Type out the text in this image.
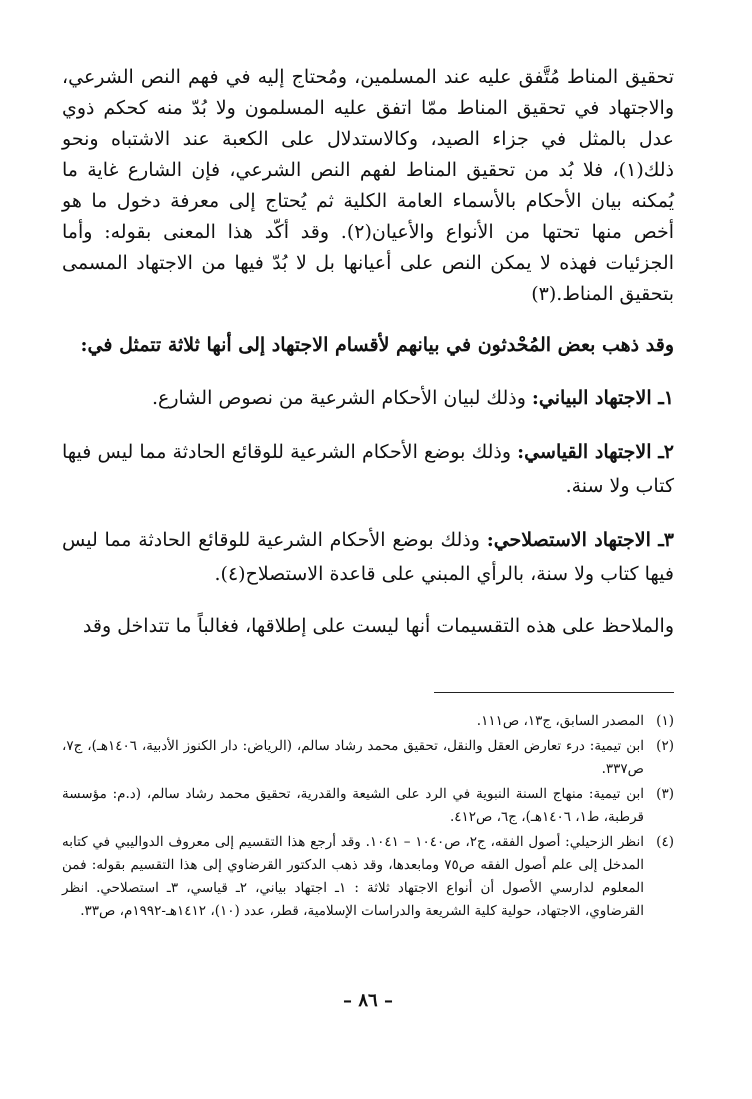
تحقيق المناط مُتَّفق عليه عند المسلمين، ومُحتاج إليه في فهم النص الشرعي، والاجتهاد في تحقيق المناط ممّا اتفق عليه المسلمون ولا بُدّ منه كحكم ذوي عدل بالمثل في جزاء الصيد، وكالاستدلال على الكعبة عند الاشتباه ونحو ذلك(١)، فلا بُد من تحقيق المناط لفهم النص الشرعي، فإن الشارع غاية ما يُمكنه بيان الأحكام بالأسماء العامة الكلية ثم يُحتاج إلى معرفة دخول ما هو أخص منها تحتها من الأنواع والأعيان(٢). وقد أكّد هذا المعنى بقوله: وأما الجزئيات فهذه لا يمكن النص على أعيانها بل لا بُدّ فيها من الاجتهاد المسمى بتحقيق المناط.(٣)

وقد ذهب بعض المُحْدثون في بيانهم لأقسام الاجتهاد إلى أنها ثلاثة تتمثل في:

١ـ الاجتهاد البياني: وذلك لبيان الأحكام الشرعية من نصوص الشارع.

٢ـ الاجتهاد القياسي: وذلك بوضع الأحكام الشرعية للوقائع الحادثة مما ليس فيها كتاب ولا سنة.

٣ـ الاجتهاد الاستصلاحي: وذلك بوضع الأحكام الشرعية للوقائع الحادثة مما ليس فيها كتاب ولا سنة، بالرأي المبني على قاعدة الاستصلاح(٤).

والملاحظ على هذه التقسيمات أنها ليست على إطلاقها، فغالباً ما تتداخل وقد

(١)
المصدر السابق، ج١٣، ص١١١.
(٢)
ابن تيمية: درء تعارض العقل والنقل، تحقيق محمد رشاد سالم، (الرياض: دار الكنوز الأدبية، ١٤٠٦هـ)، ج٧، ص٣٣٧.
(٣)
ابن تيمية: منهاج السنة النبوية في الرد على الشيعة والقدرية، تحقيق محمد رشاد سالم، (د.م: مؤسسة قرطبة، ط١، ١٤٠٦هـ)، ج٦، ص٤١٢.
(٤)
انظر الزحيلي: أصول الفقه، ج٢، ص١٠٤٠ – ١٠٤١. وقد أرجع هذا التقسيم إلى معروف الدواليبي في كتابه المدخل إلى علم أصول الفقه ص٧٥ ومابعدها، وقد ذهب الدكتور القرضاوي إلى هذا التقسيم بقوله: فمن المعلوم لدارسي الأصول أن أنواع الاجتهاد ثلاثة : ١ـ اجتهاد بياني، ٢ـ قياسي، ٣ـ استصلاحي. انظر القرضاوي، الاجتهاد، حولية كلية الشريعة والدراسات الإسلامية، قطر، عدد (١٠)، ١٤١٢هـ-١٩٩٢م، ص٣٣.
– ٨٦ –
